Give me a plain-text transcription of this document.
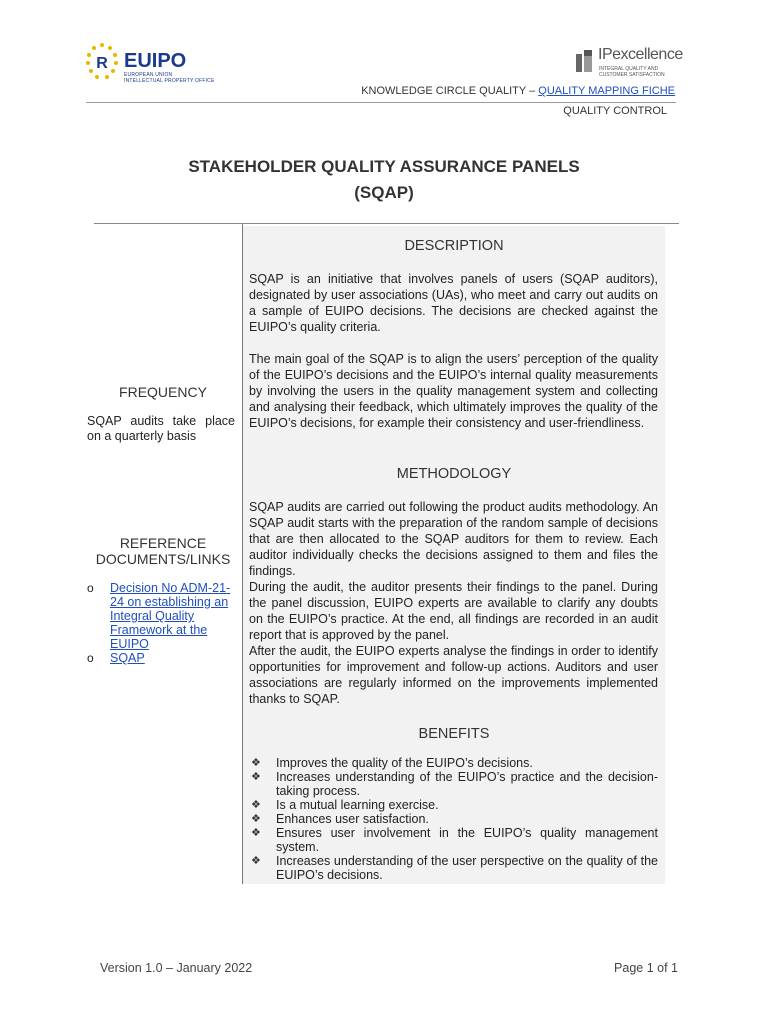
R EUIPO
EUROPEAN UNION
INTELLECTUAL PROPERTY OFFICE
IPexcellence
INTEGRAL QUALITY AND
CUSTOMER SATISFACTION
KNOWLEDGE CIRCLE QUALITY – QUALITY MAPPING FICHE
QUALITY CONTROL
STAKEHOLDER QUALITY ASSURANCE PANELS
(SQAP)
FREQUENCY
SQAP audits take place on a quarterly basis
REFERENCE
DOCUMENTS/LINKS
o Decision No ADM-21-24 on establishing an Integral Quality Framework at the EUIPO
o SQAP
DESCRIPTION

SQAP is an initiative that involves panels of users (SQAP auditors), designated by user associations (UAs), who meet and carry out audits on a sample of EUIPO decisions. The decisions are checked against the EUIPO’s quality criteria.

The main goal of the SQAP is to align the users’ perception of the quality of the EUIPO’s decisions and the EUIPO’s internal quality measurements by involving the users in the quality management system and collecting and analysing their feedback, which ultimately improves the quality of the EUIPO’s decisions, for example their consistency and user-friendliness.

METHODOLOGY

SQAP audits are carried out following the product audits methodology. An SQAP audit starts with the preparation of the random sample of decisions that are then allocated to the SQAP auditors for them to review. Each auditor individually checks the decisions assigned to them and files the findings.

During the audit, the auditor presents their findings to the panel. During the panel discussion, EUIPO experts are available to clarify any doubts on the EUIPO’s practice. At the end, all findings are recorded in an audit report that is approved by the panel.

After the audit, the EUIPO experts analyse the findings in order to identify opportunities for improvement and follow-up actions. Auditors and user associations are regularly informed on the improvements implemented thanks to SQAP.

BENEFITS
❖ Improves the quality of the EUIPO’s decisions.
❖ Increases understanding of the EUIPO’s practice and the decision-taking process.
❖ Is a mutual learning exercise.
❖ Enhances user satisfaction.
❖ Ensures user involvement in the EUIPO’s quality management system.
❖ Increases understanding of the user perspective on the quality of the EUIPO’s decisions.
Version 1.0 – January 2022	Page 1 of 1
